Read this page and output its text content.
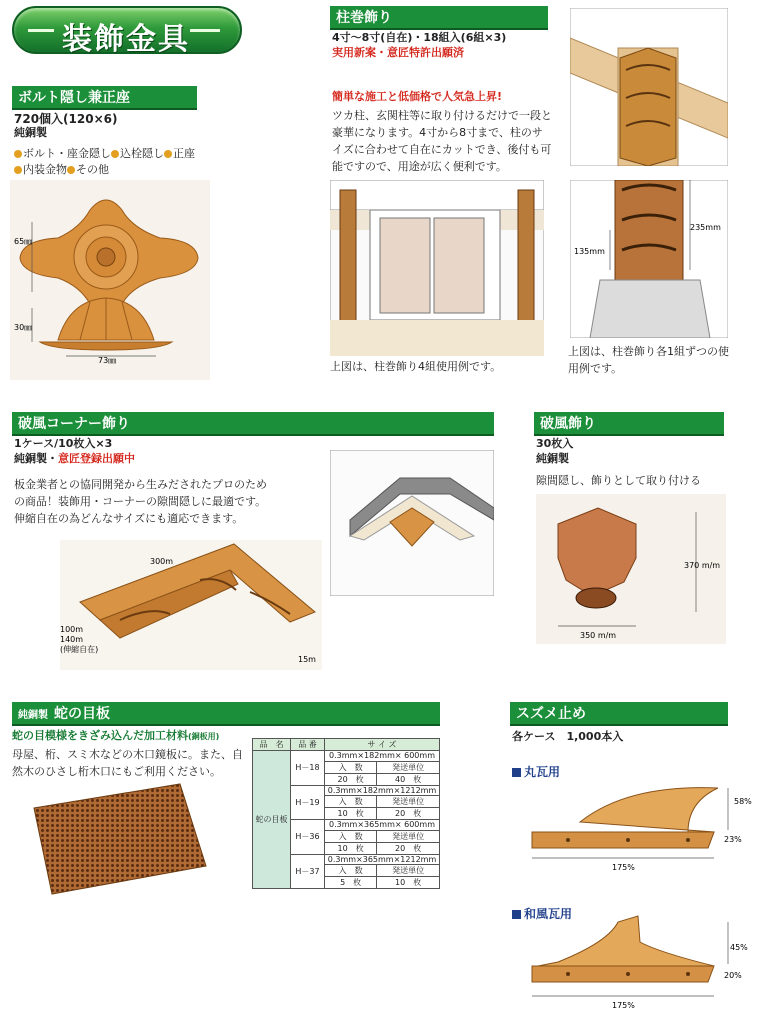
装飾金具
ボルト隠し兼正座
720個入(120×6)
純銅製
ボルト・座金隠し 込栓隠し 正座
内装金物 その他
65㎜
30㎜
73㎜
柱巻飾り
4寸～8寸(自在)・18組入(6組×3)
実用新案・意匠特許出願済
簡単な施工と低価格で人気急上昇!
ツカ柱、玄関柱等に取り付けるだけで一段と豪華になります。4寸から8寸まで、柱のサイズに合わせて自在にカットでき、後付も可能ですので、用途が広く便利です。
上図は、柱巻飾り4組使用例です。
235mm
135mm
上図は、柱巻飾り各1組ずつの使用例です。
破風コーナー飾り
1ケース/10枚入×3
純銅製・意匠登録出願中
板金業者との協同開発から生みだされたプロのための商品！装飾用・コーナーの隙間隠しに最適です。伸縮自在の為どんなサイズにも適応できます。
300m
100m
140m
(伸縮自在)
15m
破風飾り
30枚入
純銅製
隙間隠し、飾りとして取り付ける
370 m/m
350 m/m
純銅製 蛇の目板
蛇の目模様をきざみ込んだ加工材料(銅板用)
母屋、桁、スミ木などの木口鏡板に。また、自然木のひさし桁木口にもご利用ください。
品　名	品 番	サ イ ズ	
蛇の目板	H－18	0.3mm×182mm× 600mm	
		入　数	発送単位
		20　枚	40　枚
	H－19	0.3mm×182mm×1212mm	
		入　数	発送単位
		10　枚	20　枚
	H－36	0.3mm×365mm× 600mm	
		入　数	発送単位
		10　枚	20　枚
	H－37	0.3mm×365mm×1212mm	
		入　数	発送単位
		5　枚	10　枚
スズメ止め
各ケース　1,000本入
丸瓦用
58%
23%
175%
和風瓦用
45%
20%
175%
